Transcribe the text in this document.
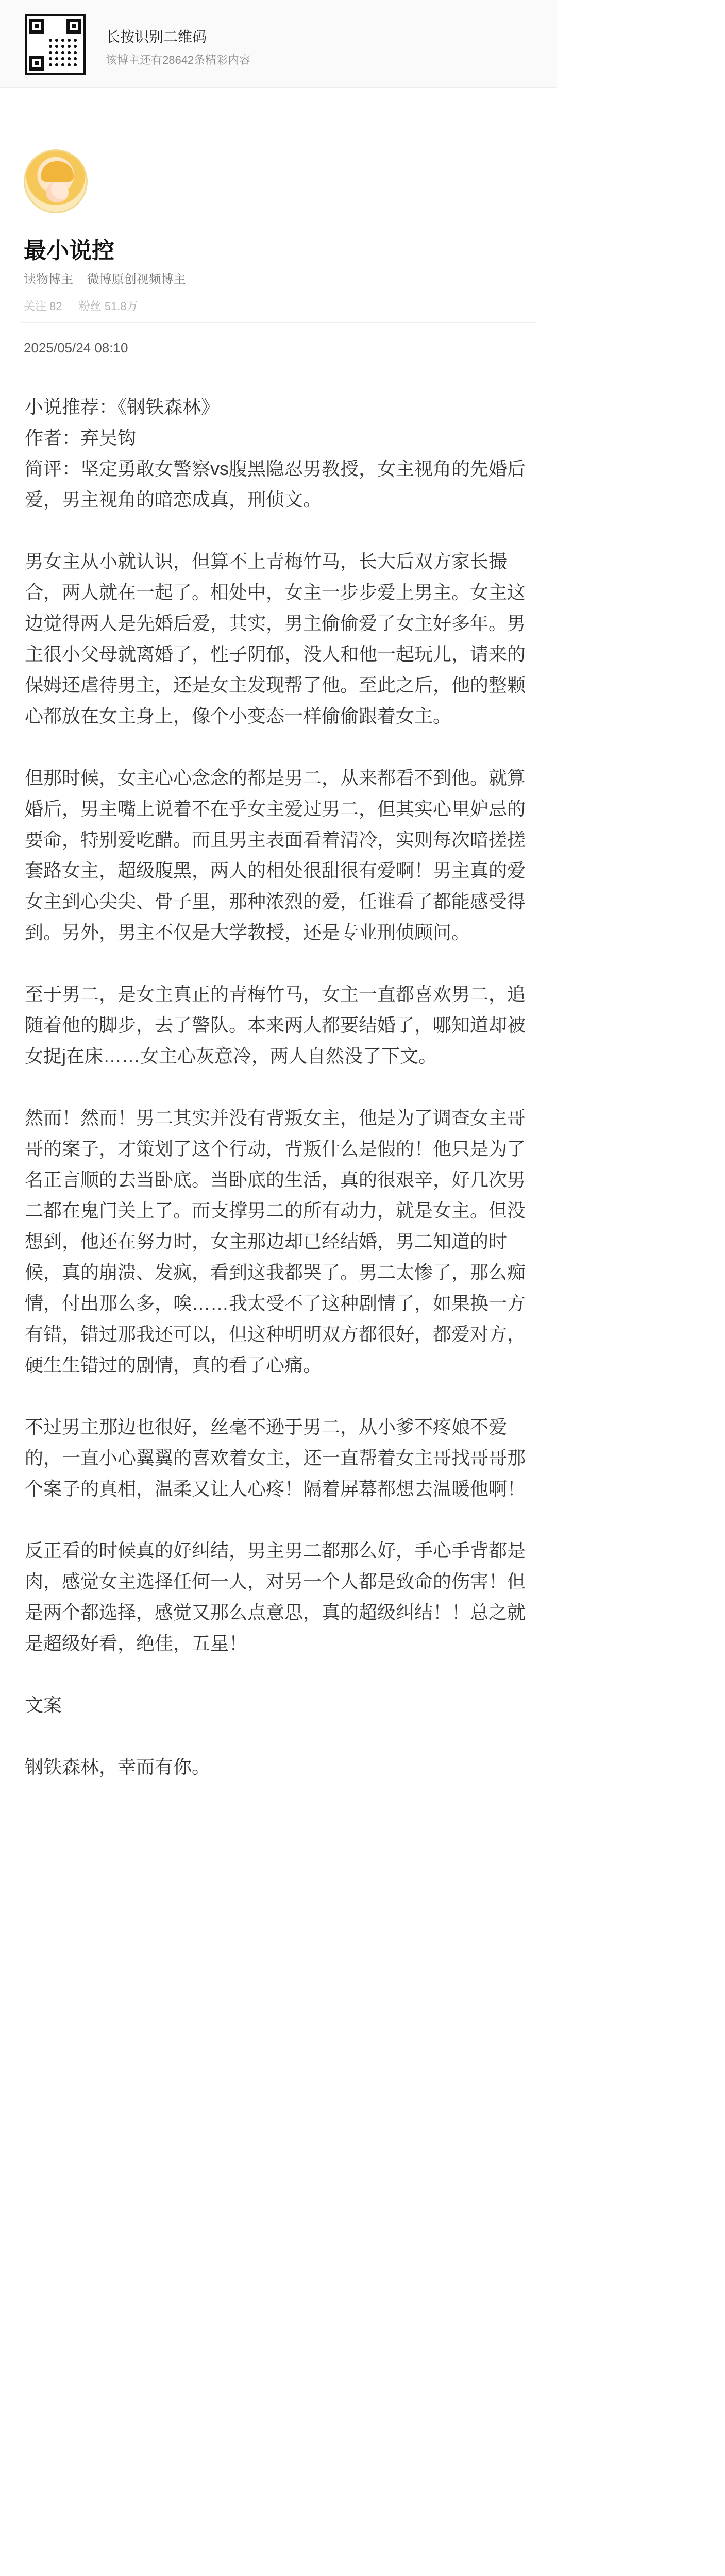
长按识别二维码
该博主还有28642条精彩内容
最小说控
读物博主 微博原创视频博主
关注 82 粉丝 51.8万
2025/05/24 08:10

小说推荐：《钢铁森林》

作者：弃吴钩

简评：坚定勇敢女警察vs腹黑隐忍男教授，女主视角的先婚后爱，男主视角的暗恋成真，刑侦文。

男女主从小就认识，但算不上青梅竹马，长大后双方家长撮合，两人就在一起了。相处中，女主一步步爱上男主。女主这边觉得两人是先婚后爱，其实，男主偷偷爱了女主好多年。男主很小父母就离婚了，性子阴郁，没人和他一起玩儿，请来的保姆还虐待男主，还是女主发现帮了他。至此之后，他的整颗心都放在女主身上，像个小变态一样偷偷跟着女主。

但那时候，女主心心念念的都是男二，从来都看不到他。就算婚后，男主嘴上说着不在乎女主爱过男二，但其实心里妒忌的要命，特别爱吃醋。而且男主表面看着清冷，实则每次暗搓搓套路女主，超级腹黑，两人的相处很甜很有爱啊！男主真的爱女主到心尖尖、骨子里，那种浓烈的爱，任谁看了都能感受得到。另外，男主不仅是大学教授，还是专业刑侦顾问。

至于男二，是女主真正的青梅竹马，女主一直都喜欢男二，追随着他的脚步，去了警队。本来两人都要结婚了，哪知道却被女捉j在床……女主心灰意冷，两人自然没了下文。

然而！然而！男二其实并没有背叛女主，他是为了调查女主哥哥的案子，才策划了这个行动，背叛什么是假的！他只是为了名正言顺的去当卧底。当卧底的生活，真的很艰辛，好几次男二都在鬼门关上了。而支撑男二的所有动力，就是女主。但没想到，他还在努力时，女主那边却已经结婚，男二知道的时候，真的崩溃、发疯，看到这我都哭了。男二太惨了，那么痴情，付出那么多，唉……我太受不了这种剧情了，如果换一方有错，错过那我还可以，但这种明明双方都很好，都爱对方，硬生生错过的剧情，真的看了心痛。

不过男主那边也很好，丝毫不逊于男二，从小爹不疼娘不爱的，一直小心翼翼的喜欢着女主，还一直帮着女主哥找哥哥那个案子的真相，温柔又让人心疼！隔着屏幕都想去温暖他啊！

反正看的时候真的好纠结，男主男二都那么好，手心手背都是肉，感觉女主选择任何一人，对另一个人都是致命的伤害！但是两个都选择，感觉又那么点意思，真的超级纠结！！总之就是超级好看，绝佳，五星！

文案

钢铁森林，幸而有你。
